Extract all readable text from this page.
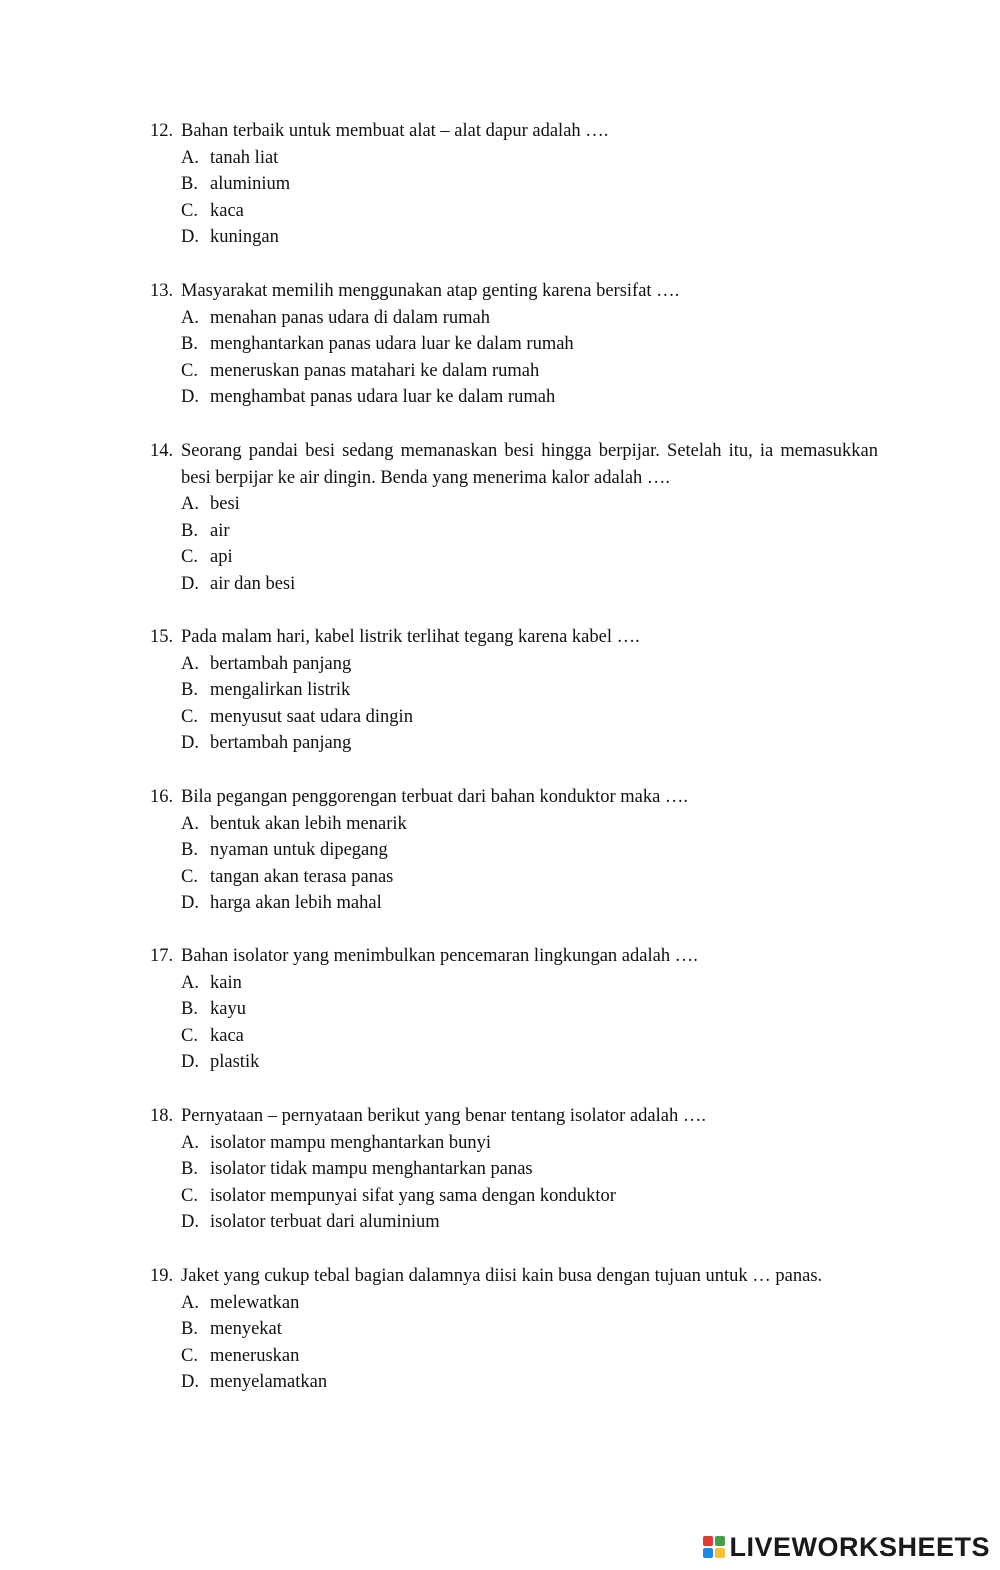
12. Bahan terbaik untuk membuat alat – alat dapur adalah ….
A. tanah liat
B. aluminium
C. kaca
D. kuningan
13. Masyarakat memilih menggunakan atap genting karena bersifat ….
A. menahan panas udara di dalam rumah
B. menghantarkan panas udara luar ke dalam rumah
C. meneruskan panas matahari ke dalam rumah
D. menghambat panas udara luar ke dalam rumah
14. Seorang pandai besi sedang memanaskan besi hingga berpijar. Setelah itu, ia memasukkan besi berpijar ke air dingin. Benda yang menerima kalor adalah ….
A. besi
B. air
C. api
D. air dan besi
15. Pada malam hari, kabel listrik terlihat tegang karena kabel ….
A. bertambah panjang
B. mengalirkan listrik
C. menyusut saat udara dingin
D. bertambah panjang
16. Bila pegangan penggorengan terbuat dari bahan konduktor maka ….
A. bentuk akan lebih menarik
B. nyaman untuk dipegang
C. tangan akan terasa panas
D. harga akan lebih mahal
17. Bahan isolator yang menimbulkan pencemaran lingkungan adalah ….
A. kain
B. kayu
C. kaca
D. plastik
18. Pernyataan – pernyataan berikut yang benar tentang isolator adalah ….
A. isolator mampu menghantarkan bunyi
B. isolator tidak mampu menghantarkan panas
C. isolator mempunyai sifat yang sama dengan konduktor
D. isolator terbuat dari aluminium
19. Jaket yang cukup tebal bagian dalamnya diisi kain busa dengan tujuan untuk … panas.
A. melewatkan
B. menyekat
C. meneruskan
D. menyelamatkan
LIVEWORKSHEETS
